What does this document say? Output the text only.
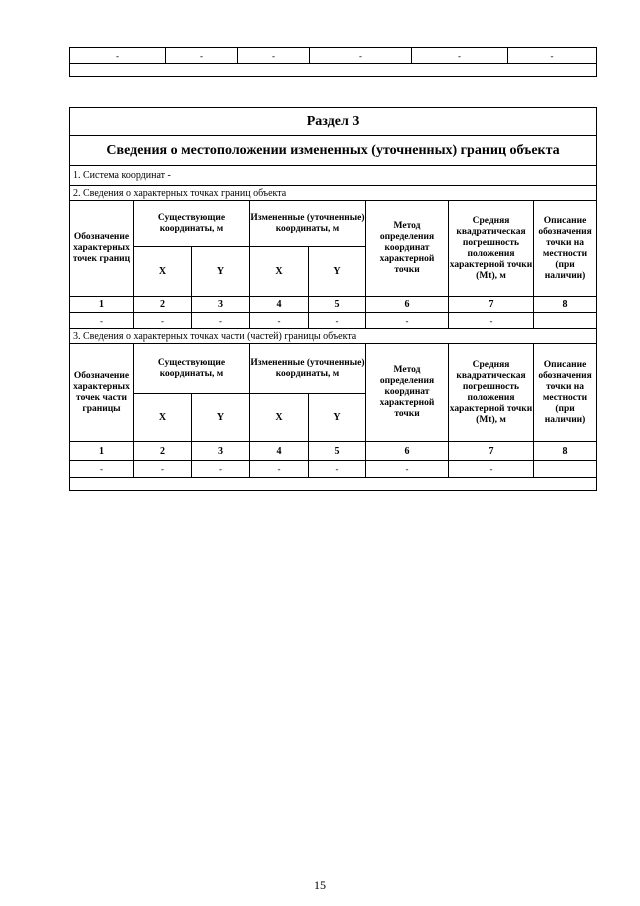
-	-	-	-	-	-

Раздел 3							
Сведения о местоположении измененных (уточненных) границ объекта							
1. Система координат -							
2. Сведения о характерных точках границ объекта							
Обозначение характерных точек границ	Существующие координаты, м		Измененные (уточненные) координаты, м		Метод определения координат характерной точки	Средняя квадратическая погрешность положения характерной точки (Mt), м	Описание обозначения точки на местности (при наличии)
	X	Y	X	Y			
1	2	3	4	5	6	7	8
-	-	-	-	-	-	-	
3. Сведения о характерных точках части (частей) границы объекта							
Обозначение характерных точек части границы	Существующие координаты, м		Измененные (уточненные) координаты, м		Метод определения координат характерной точки	Средняя квадратическая погрешность положения характерной точки (Mt), м	Описание обозначения точки на местности (при наличии)
	X	Y	X	Y			
1	2	3	4	5	6	7	8
-	-	-	-	-	-	-	

15
